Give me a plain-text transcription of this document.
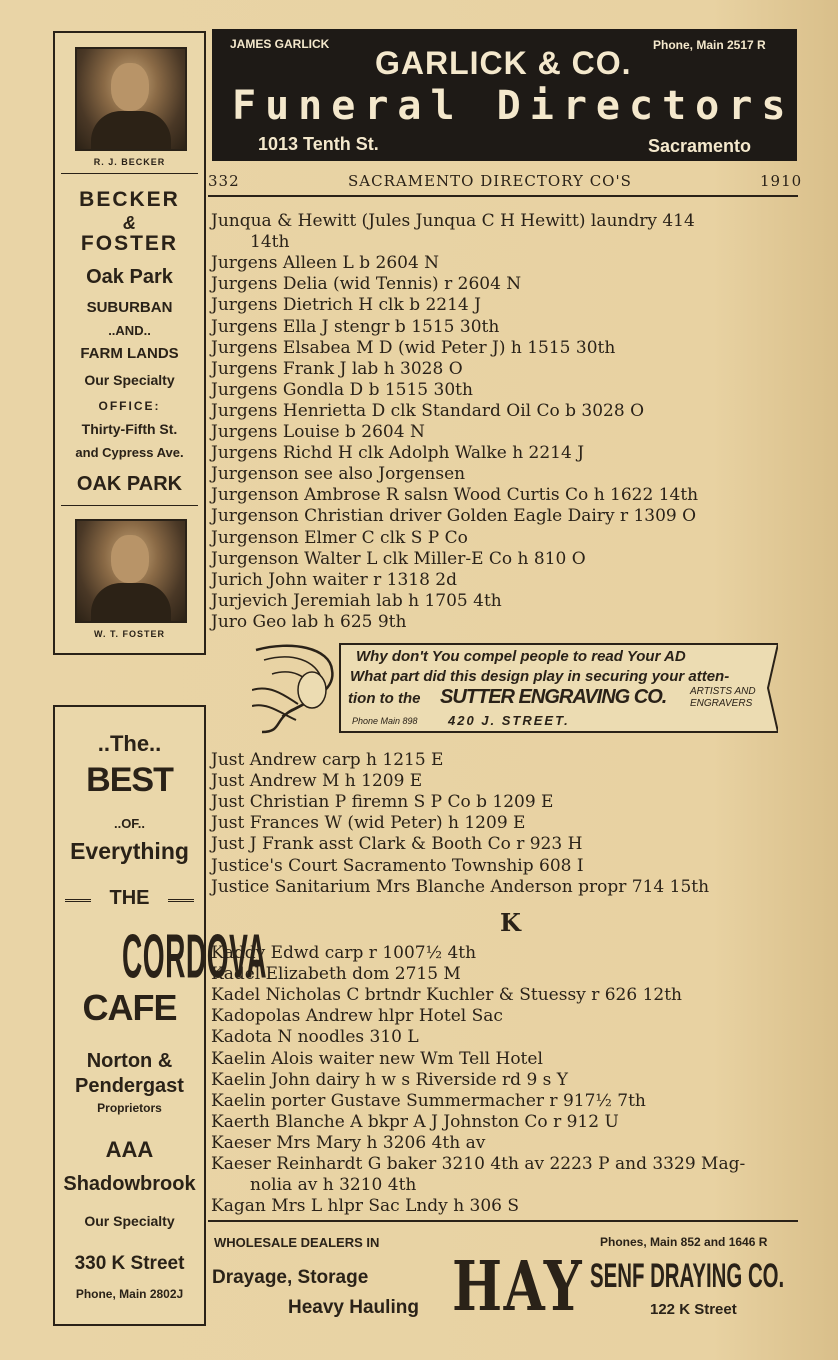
R. J. BECKER
BECKER
&
FOSTER
Oak Park
SUBURBAN
..AND..
FARM LANDS
Our Specialty
OFFICE:
Thirty-Fifth St.
and Cypress Ave.
OAK PARK
W. T. FOSTER
..The..
BEST
..OF..
Everything
THE
CORDOVA
CAFE
Norton &
Pendergast
Proprietors
AAA
Shadowbrook
Our Specialty
330 K Street
Phone, Main 2802J
JAMES GARLICK
GARLICK & CO. Phone, Main 2517 R
Funeral Directors
1013 Tenth St.	Sacramento
332	SACRAMENTO DIRECTORY CO'S	1910
Junqua & Hewitt (Jules Junqua C H Hewitt) laundry 414
14th
Jurgens Alleen L b 2604 N
Jurgens Delia (wid Tennis) r 2604 N
Jurgens Dietrich H clk b 2214 J
Jurgens Ella J stengr b 1515 30th
Jurgens Elsabea M D (wid Peter J) h 1515 30th
Jurgens Frank J lab h 3028 O
Jurgens Gondla D b 1515 30th
Jurgens Henrietta D clk Standard Oil Co b 3028 O
Jurgens Louise b 2604 N
Jurgens Richd H clk Adolph Walke h 2214 J
Jurgenson see also Jorgensen
Jurgenson Ambrose R salsn Wood Curtis Co h 1622 14th
Jurgenson Christian driver Golden Eagle Dairy r 1309 O
Jurgenson Elmer C clk S P Co
Jurgenson Walter L clk Miller-E Co h 810 O
Jurich John waiter r 1318 2d
Jurjevich Jeremiah lab h 1705 4th
Juro Geo lab h 625 9th
Why don't You compel people to read Your AD
What part did this design play in securing your atten-
tion to the SUTTER ENGRAVING CO. ARTISTS AND
ENGRAVERS
Phone Main 898 420 J. STREET.
Just Andrew carp h 1215 E
Just Andrew M h 1209 E
Just Christian P firemn S P Co b 1209 E
Just Frances W (wid Peter) h 1209 E
Just J Frank asst Clark & Booth Co r 923 H
Justice's Court Sacramento Township 608 I
Justice Sanitarium Mrs Blanche Anderson propr 714 15th
K
Kaddy Edwd carp r 1007½ 4th
Kadel Elizabeth dom 2715 M
Kadel Nicholas C brtndr Kuchler & Stuessy r 626 12th
Kadopolas Andrew hlpr Hotel Sac
Kadota N noodles 310 L
Kaelin Alois waiter new Wm Tell Hotel
Kaelin John dairy h w s Riverside rd 9 s Y
Kaelin porter Gustave Summermacher r 917½ 7th
Kaerth Blanche A bkpr A J Johnston Co r 912 U
Kaeser Mrs Mary h 3206 4th av
Kaeser Reinhardt G baker 3210 4th av 2223 P and 3329 Mag-
nolia av h 3210 4th
Kagan Mrs L hlpr Sac Lndy h 306 S
WHOLESALE DEALERS IN	Phones, Main 852 and 1646 R
Drayage, Storage
Heavy Hauling HAY SENF DRAYING CO.
122 K Street
